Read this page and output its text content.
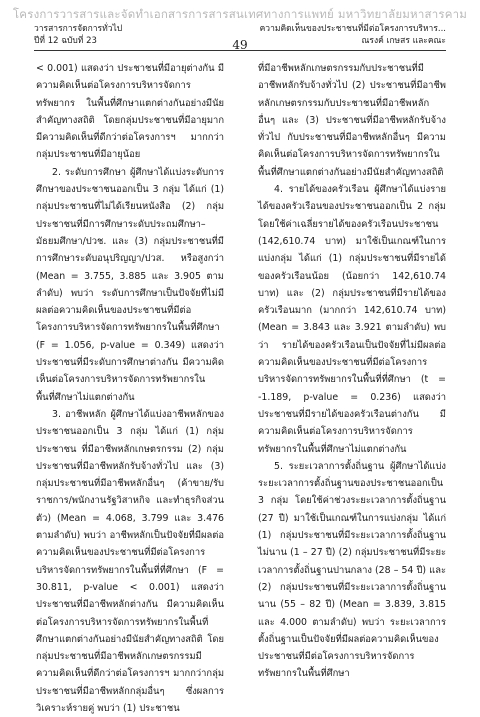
โครงการวารสารและจัดทำเอกสารการสารสนเทศทางการแพทย์ มหาวิทยาลัยมหาสารคาม
วารสารการจัดการทั่วไป
ปีที่ 12 ฉบับที่ 23
ความคิดเห็นของประชาชนที่มีต่อโครงการบริหาร...
ณรงค์ เกษสร และคณะ
49

< 0.001) แสดงว่า ประชาชนที่มีอายุต่างกัน มีความคิดเห็นต่อโครงการบริหารจัดการทรัพยากร ในพื้นที่ศึกษาแตกต่างกันอย่างมีนัยสำคัญทางสถิติ โดยกลุ่มประชาชนที่มีอายุมาก มีความคิดเห็นที่ดีกว่าต่อโครงการฯ มากกว่ากลุ่มประชาชนที่มีอายุน้อย

2. ระดับการศึกษา ผู้ศึกษาได้แบ่งระดับการศึกษาของประชาชนออกเป็น 3 กลุ่ม ได้แก่ (1) กลุ่มประชาชนที่ไม่ได้เรียนหนังสือ (2) กลุ่มประชาชนที่มีการศึกษาระดับประถมศึกษา–มัธยมศึกษา/ปวช. และ (3) กลุ่มประชาชนที่มีการศึกษาระดับอนุปริญญา/ปวส. หรือสูงกว่า (Mean = 3.755, 3.885 และ 3.905 ตามลำดับ) พบว่า ระดับการศึกษาเป็นปัจจัยที่ไม่มีผลต่อความคิดเห็นของประชาชนที่มีต่อโครงการบริหารจัดการทรัพยากรในพื้นที่ศึกษา (F = 1.056, p-value = 0.349) แสดงว่า ประชาชนที่มีระดับการศึกษาต่างกัน มีความคิดเห็นต่อโครงการบริหารจัดการทรัพยากรในพื้นที่ศึกษาไม่แตกต่างกัน

3. อาชีพหลัก ผู้ศึกษาได้แบ่งอาชีพหลักของประชาชนออกเป็น 3 กลุ่ม ได้แก่ (1) กลุ่มประชาชน ที่มีอาชีพหลักเกษตรกรรม (2) กลุ่มประชาชนที่มีอาชีพหลักรับจ้างทั่วไป และ (3) กลุ่มประชาชนที่มีอาชีพหลักอื่นๆ (ค้าขาย/รับราชการ/พนักงานรัฐวิสาหกิจ และทำธุรกิจส่วนตัว) (Mean = 4.068, 3.799 และ 3.476 ตามลำดับ) พบว่า อาชีพหลักเป็นปัจจัยที่มีผลต่อความคิดเห็นของประชาชนที่มีต่อโครงการบริหารจัดการทรัพยากรในพื้นที่ที่ศึกษา (F = 30.811, p-value < 0.001) แสดงว่า ประชาชนที่มีอาชีพหลักต่างกัน มีความคิดเห็นต่อโครงการบริหารจัดการทรัพยากรในพื้นที่ศึกษาแตกต่างกันอย่างมีนัยสำคัญทางสถิติ โดยกลุ่มประชาชนที่มีอาชีพหลักเกษตรกรรมมีความคิดเห็นที่ดีกว่าต่อโครงการฯ มากกว่ากลุ่มประชาชนที่มีอาชีพหลักกลุ่มอื่นๆ ซึ่งผลการวิเคราะห์รายคู่ พบว่า (1) ประชาชน

ที่มีอาชีพหลักเกษตรกรรมกับประชาชนที่มีอาชีพหลักรับจ้างทั่วไป (2) ประชาชนที่มีอาชีพหลักเกษตรกรรมกับประชาชนที่มีอาชีพหลักอื่นๆ และ (3) ประชาชนที่มีอาชีพหลักรับจ้างทั่วไป กับประชาชนที่มีอาชีพหลักอื่นๆ มีความคิดเห็นต่อโครงการบริหารจัดการทรัพยากรในพื้นที่ศึกษาแตกต่างกันอย่างมีนัยสำคัญทางสถิติ

4. รายได้ของครัวเรือน ผู้ศึกษาได้แบ่งรายได้ของครัวเรือนของประชาชนออกเป็น 2 กลุ่ม โดยใช้ค่าเฉลี่ยรายได้ของครัวเรือนประชาชน (142,610.74 บาท) มาใช้เป็นเกณฑ์ในการแบ่งกลุ่ม ได้แก่ (1) กลุ่มประชาชนที่มีรายได้ของครัวเรือนน้อย (น้อยกว่า 142,610.74 บาท) และ (2) กลุ่มประชาชนที่มีรายได้ของครัวเรือนมาก (มากกว่า 142,610.74 บาท) (Mean = 3.843 และ 3.921 ตามลำดับ) พบว่า รายได้ของครัวเรือนเป็นปัจจัยที่ไม่มีผลต่อความคิดเห็นของประชาชนที่มีต่อโครงการบริหารจัดการทรัพยากรในพื้นที่ที่ศึกษา (t = -1.189, p-value = 0.236) แสดงว่า ประชาชนที่มีรายได้ของครัวเรือนต่างกัน มีความคิดเห็นต่อโครงการบริหารจัดการทรัพยากรในพื้นที่ศึกษาไม่แตกต่างกัน

5. ระยะเวลาการตั้งถิ่นฐาน ผู้ศึกษาได้แบ่งระยะเวลาการตั้งถิ่นฐานของประชาชนออกเป็น 3 กลุ่ม โดยใช้ค่าช่วงระยะเวลาการตั้งถิ่นฐาน (27 ปี) มาใช้เป็นเกณฑ์ในการแบ่งกลุ่ม ได้แก่ (1) กลุ่มประชาชนที่มีระยะเวลาการตั้งถิ่นฐานไม่นาน (1 – 27 ปี) (2) กลุ่มประชาชนที่มีระยะเวลาการตั้งถิ่นฐานปานกลาง (28 – 54 ปี) และ (2) กลุ่มประชาชนที่มีระยะเวลาการตั้งถิ่นฐานนาน (55 – 82 ปี) (Mean = 3.839, 3.815 และ 4.000 ตามลำดับ) พบว่า ระยะเวลาการตั้งถิ่นฐานเป็นปัจจัยที่มีผลต่อความคิดเห็นของประชาชนที่มีต่อโครงการบริหารจัดการทรัพยากรในพื้นที่ศึกษา
